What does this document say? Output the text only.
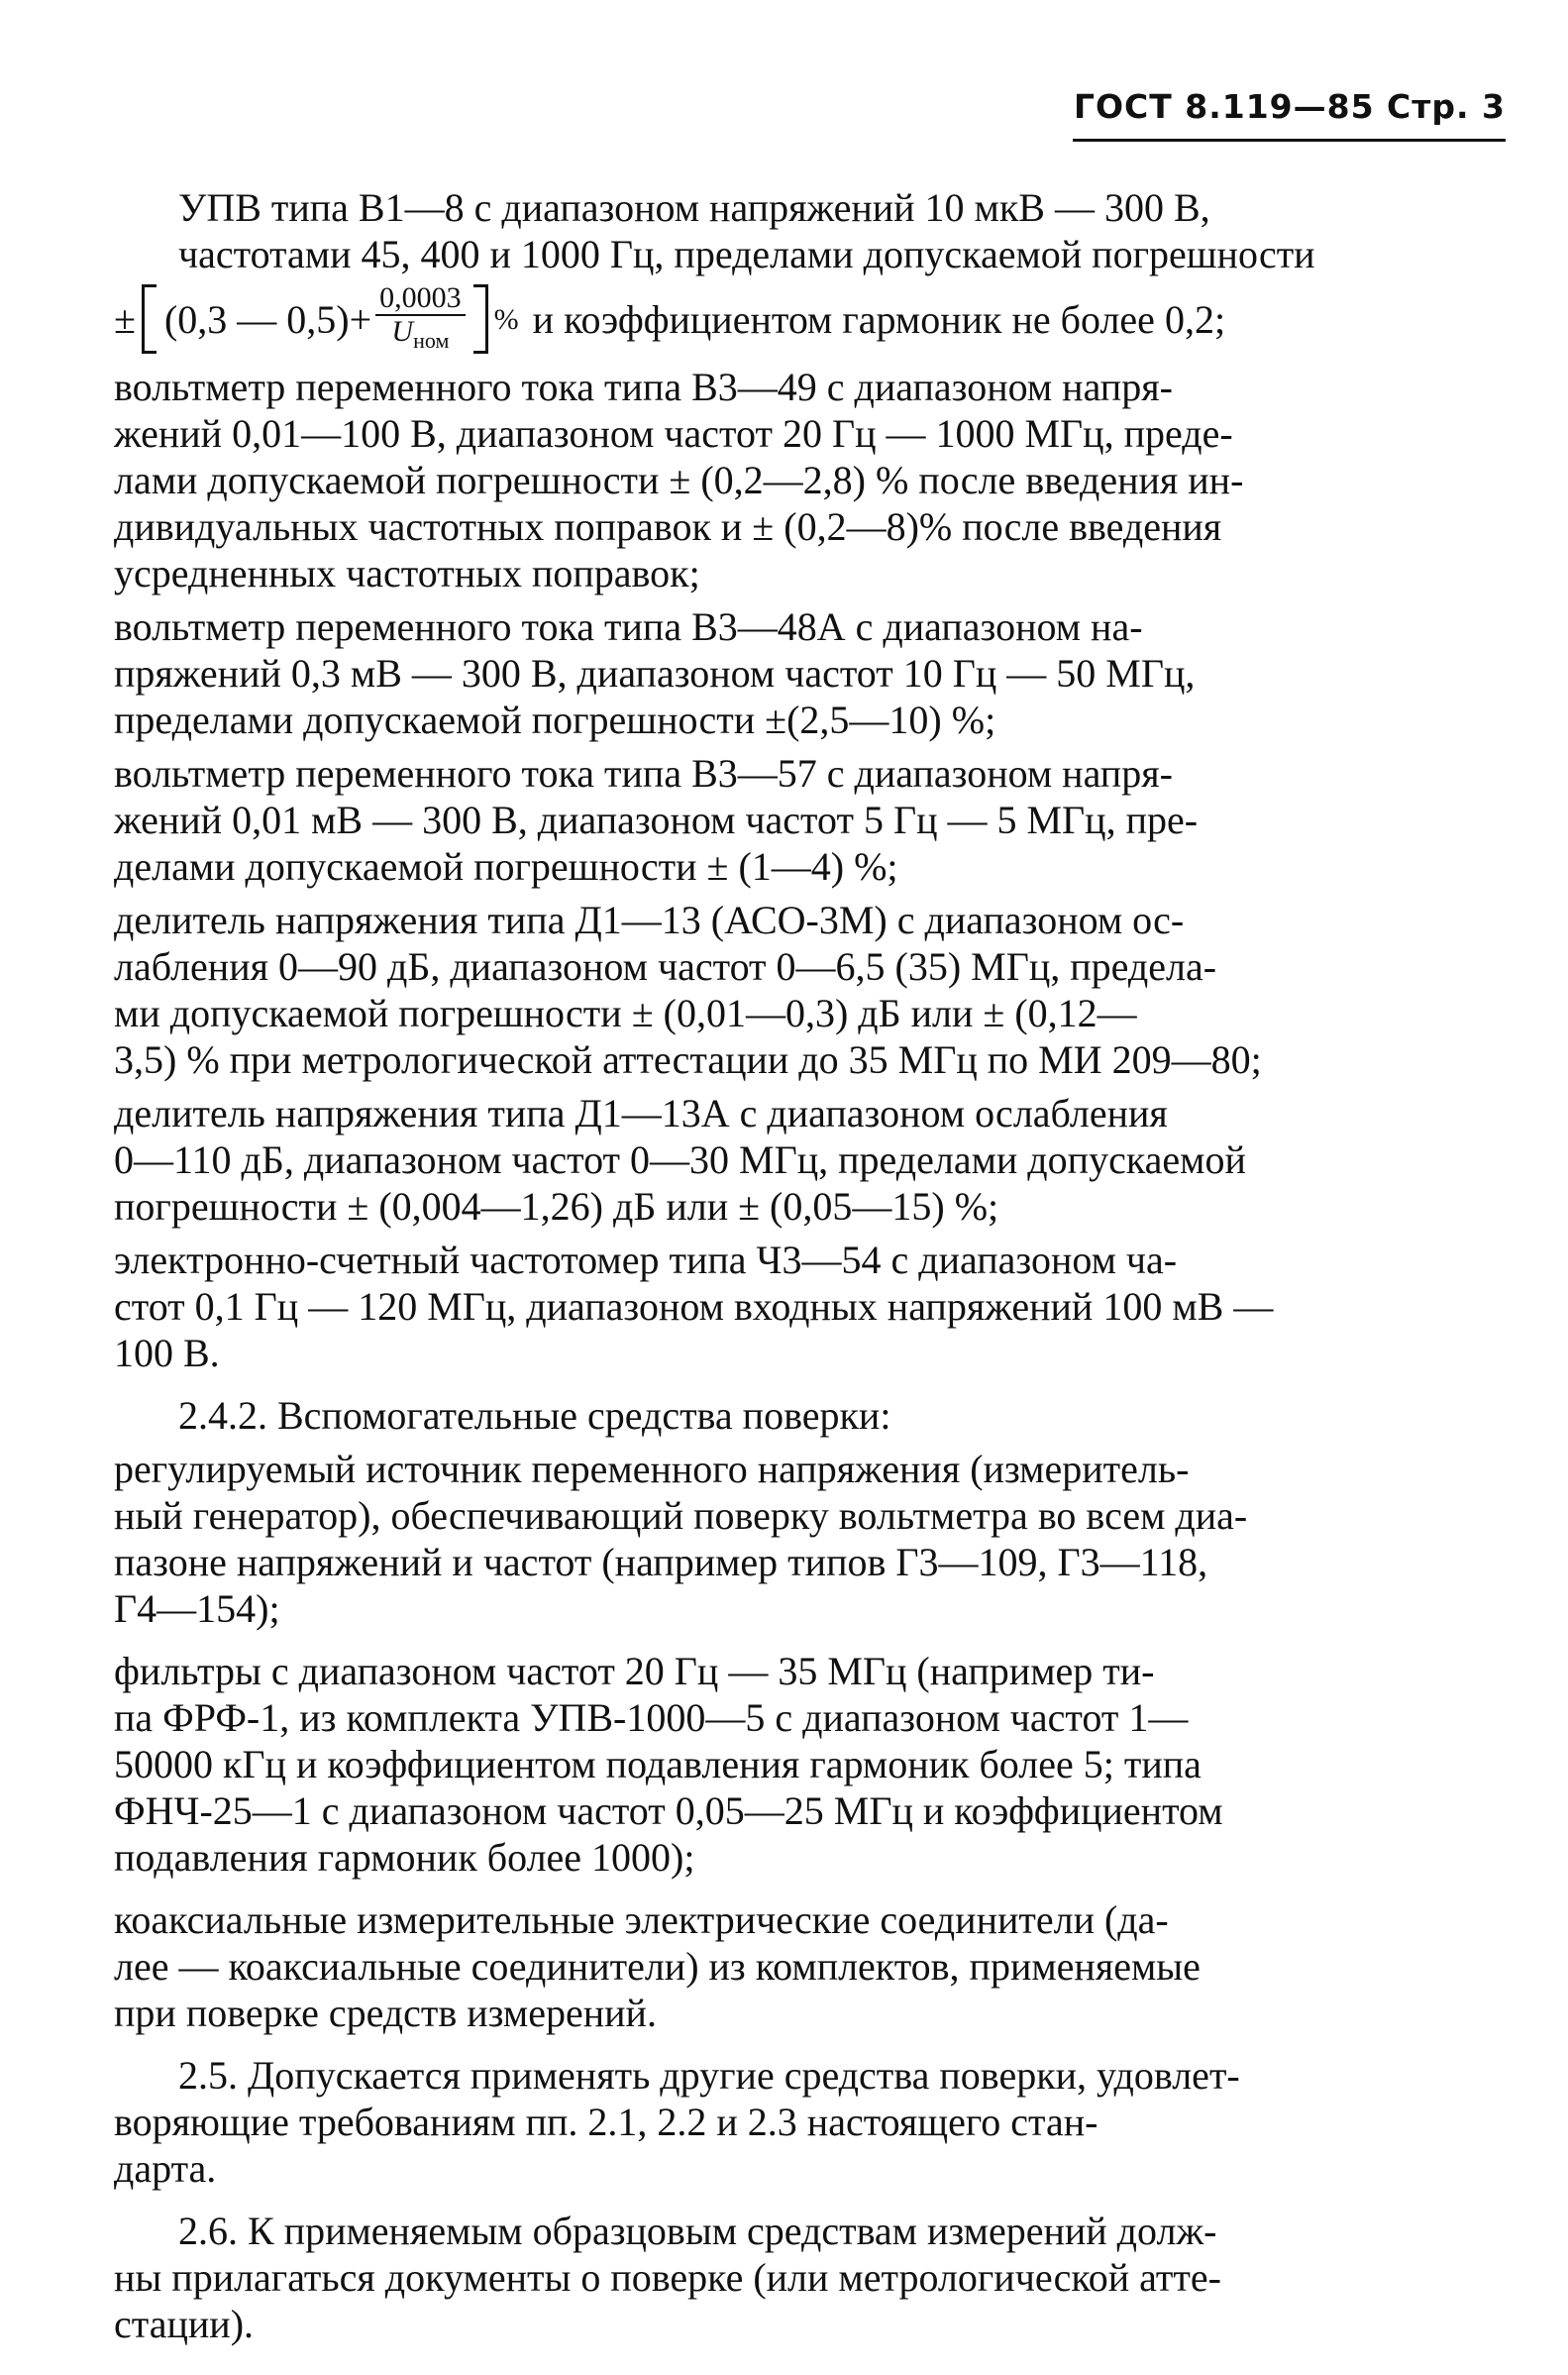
ГОСТ 8.119—85 Стр. 3
УПВ типа В1—8 с диапазоном напряжений 10 мкВ — 300 В,
частотами 45, 400 и 1000 Гц, пределами допускаемой погрешности
± (0,3 — $0,5)+ \frac{0,0003}{U_{ном}}$ % и коэффициентом гармоник не более 0,2;
вольтметр переменного тока типа В3—49 с диапазоном напря-
жений 0,01—100 В, диапазоном частот 20 Гц — 1000 МГц, преде-
лами допускаемой погрешности ± (0,2—2,8) % после введения ин-
дивидуальных частотных поправок и ± (0,2—8)% после введения
усредненных частотных поправок;
вольтметр переменного тока типа В3—48А с диапазоном на-
пряжений 0,3 мВ — 300 В, диапазоном частот 10 Гц — 50 МГц,
пределами допускаемой погрешности ±(2,5—10) %;
вольтметр переменного тока типа В3—57 с диапазоном напря-
жений 0,01 мВ — 300 В, диапазоном частот 5 Гц — 5 МГц, пре-
делами допускаемой погрешности ± (1—4) %;
делитель напряжения типа Д1—13 (АСО-3М) с диапазоном ос-
лабления 0—90 дБ, диапазоном частот 0—6,5 (35) МГц, предела-
ми допускаемой погрешности ± (0,01—0,3) дБ или ± (0,12—
3,5) % при метрологической аттестации до 35 МГц по МИ 209—80;
делитель напряжения типа Д1—13А с диапазоном ослабления
0—110 дБ, диапазоном частот 0—30 МГц, пределами допускаемой
погрешности ± (0,004—1,26) дБ или ± (0,05—15) %;
электронно-счетный частотомер типа Ч3—54 с диапазоном ча-
стот 0,1 Гц — 120 МГц, диапазоном входных напряжений 100 мВ —
100 В.
2.4.2. Вспомогательные средства поверки:
регулируемый источник переменного напряжения (измеритель-
ный генератор), обеспечивающий поверку вольтметра во всем диа-
пазоне напряжений и частот (например типов Г3—109, Г3—118,
Г4—154);
фильтры с диапазоном частот 20 Гц — 35 МГц (например ти-
па ФРФ-1, из комплекта УПВ-1000—5 с диапазоном частот 1—
50000 кГц и коэффициентом подавления гармоник более 5; типа
ФНЧ-25—1 с диапазоном частот 0,05—25 МГц и коэффициентом
подавления гармоник более 1000);
коаксиальные измерительные электрические соединители (да-
лее — коаксиальные соединители) из комплектов, применяемые
при поверке средств измерений.
2.5. Допускается применять другие средства поверки, удовлет-
воряющие требованиям пп. 2.1, 2.2 и 2.3 настоящего стан-
дарта.
2.6. К применяемым образцовым средствам измерений долж-
ны прилагаться документы о поверке (или метрологической атте-
стации).
